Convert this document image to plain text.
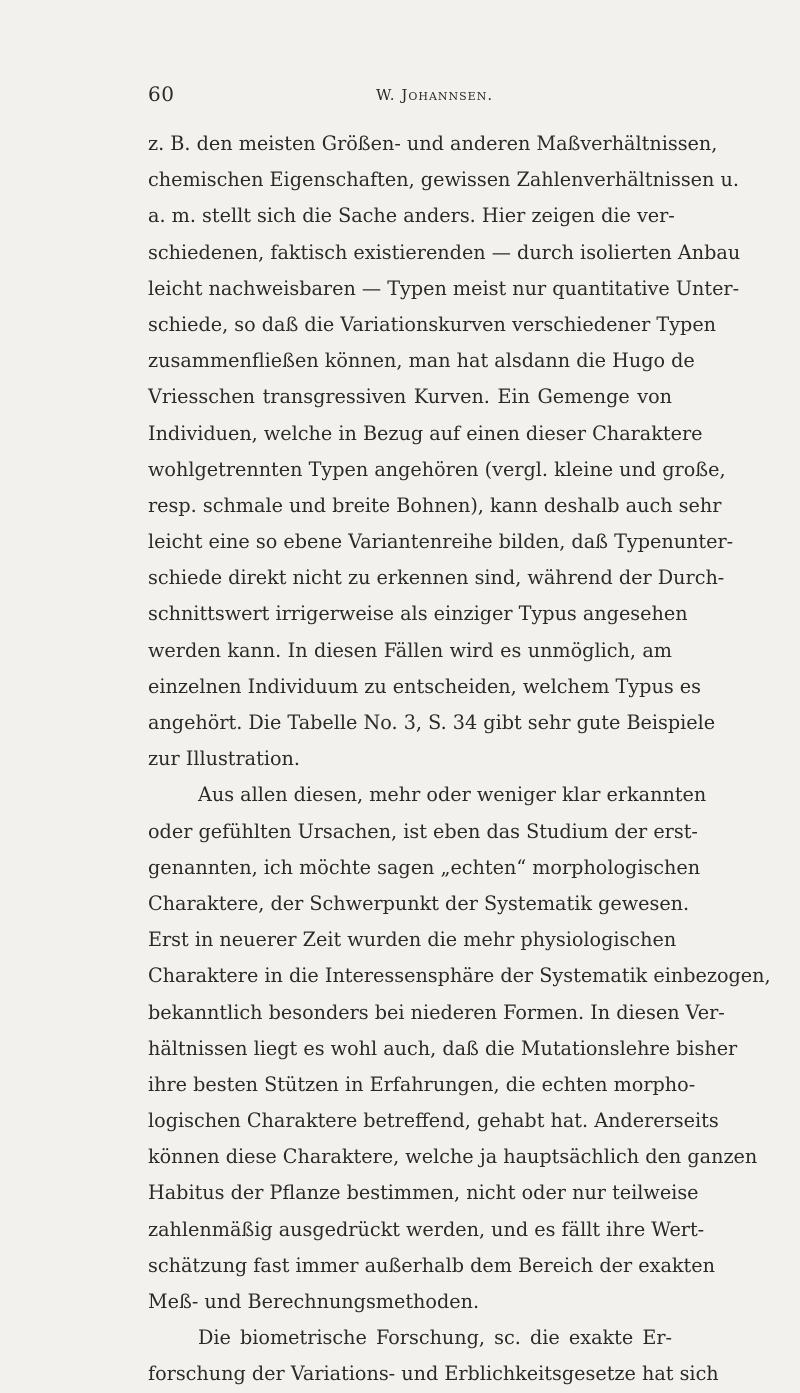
60	W. Johannsen.
z. B. den meisten Größen- und anderen Maßverhältnissen,
chemischen Eigenschaften, gewissen Zahlenverhältnissen u.
a. m. stellt sich die Sache anders. Hier zeigen die ver-
schiedenen, faktisch existierenden — durch isolierten Anbau
leicht nachweisbaren — Typen meist nur quantitative Unter-
schiede, so daß die Variationskurven verschiedener Typen
zusammenfließen können, man hat alsdann die Hugo de
Vriesschen transgressiven Kurven. Ein Gemenge von
Individuen, welche in Bezug auf einen dieser Charaktere
wohlgetrennten Typen angehören (vergl. kleine und große,
resp. schmale und breite Bohnen), kann deshalb auch sehr
leicht eine so ebene Variantenreihe bilden, daß Typenunter-
schiede direkt nicht zu erkennen sind, während der Durch-
schnittswert irrigerweise als einziger Typus angesehen
werden kann. In diesen Fällen wird es unmöglich, am
einzelnen Individuum zu entscheiden, welchem Typus es
angehört. Die Tabelle No. 3, S. 34 gibt sehr gute Beispiele
zur Illustration.
Aus allen diesen, mehr oder weniger klar erkannten
oder gefühlten Ursachen, ist eben das Studium der erst-
genannten, ich möchte sagen „echten“ morphologischen
Charaktere, der Schwerpunkt der Systematik gewesen.
Erst in neuerer Zeit wurden die mehr physiologischen
Charaktere in die Interessensphäre der Systematik einbezogen,
bekanntlich besonders bei niederen Formen. In diesen Ver-
hältnissen liegt es wohl auch, daß die Mutationslehre bisher
ihre besten Stützen in Erfahrungen, die echten morpho-
logischen Charaktere betreffend, gehabt hat. Andererseits
können diese Charaktere, welche ja hauptsächlich den ganzen
Habitus der Pflanze bestimmen, nicht oder nur teilweise
zahlenmäßig ausgedrückt werden, und es fällt ihre Wert-
schätzung fast immer außerhalb dem Bereich der exakten
Meß- und Berechnungsmethoden.
Die biometrische Forschung, sc. die exakte Er-
forschung der Variations- und Erblichkeitsgesetze hat sich
